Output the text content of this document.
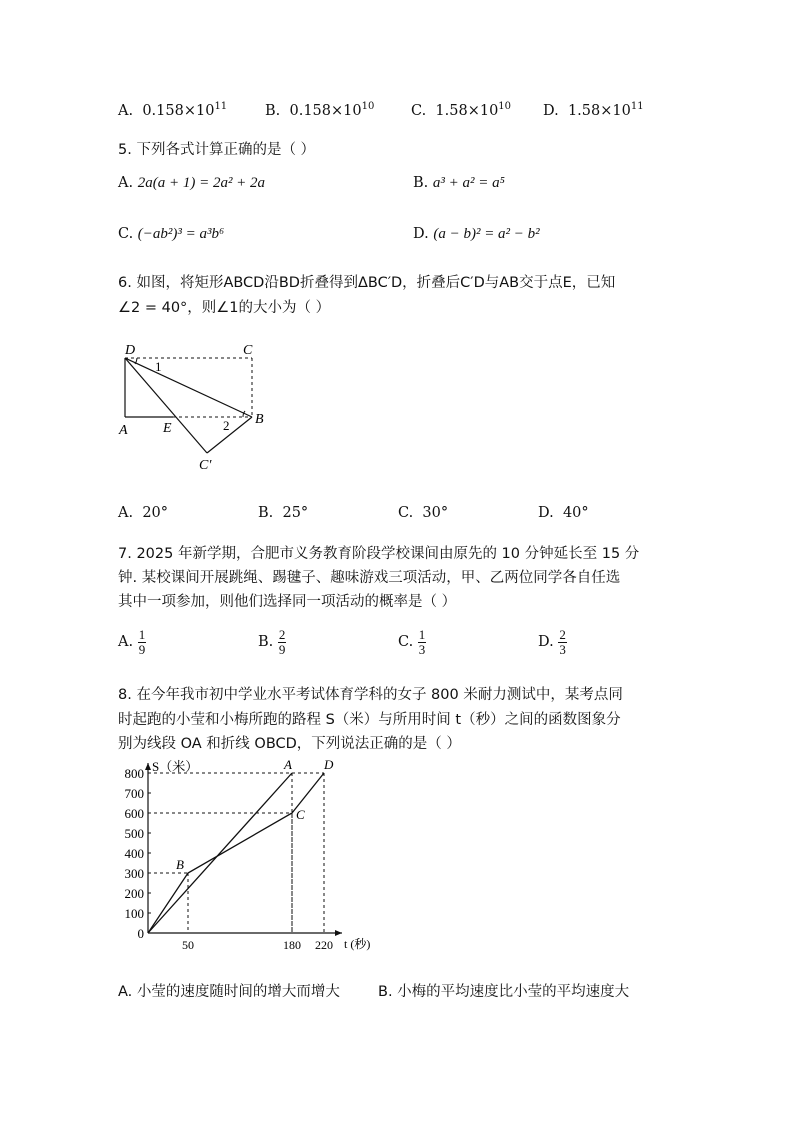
A. $0.158\times 10^{11}$	B. $0.158\times 10^{10}$	C. $1.58\times 10^{10}$ D. $1.58\times 10^{11}$
5. 下列各式计算正确的是（ ）
A. 2a(a + 1) = 2a² + 2a	B. a³ + a² = a⁵
C. (−ab²)³ = a³b⁶	D. (a − b)² = a² − b²
6. 如图，将矩形ABCD沿BD折叠得到ΔBC′D，折叠后C′D与AB交于点E，已知
∠2 = 40°，则∠1的大小为（ ）
D	C
A	E
B
C′
1
2
A. 20°	B. 25°	C. 30°	D. 40°
7. 2025 年新学期，合肥市义务教育阶段学校课间由原先的 10 分钟延长至 15 分
钟. 某校课间开展跳绳、踢毽子、趣味游戏三项活动，甲、乙两位同学各自任选
其中一项参加，则他们选择同一项活动的概率是（ ）
A. $\frac{1}{9}$	B. $\frac{2}{9}$	C. $\frac{1}{3}$	D. $\frac{2}{3}$
8. 在今年我市初中学业水平考试体育学科的女子 800 米耐力测试中，某考点同
时起跑的小莹和小梅所跑的路程 S（米）与所用时间 t（秒）之间的函数图象分
别为线段 OA 和折线 OBCD，下列说法正确的是（ ）
S（米）
t (秒)
0
100
200
300
400
500
600
700
800
50	180 220
A
B
C
D
A. 小莹的速度随时间的增大而增大	B. 小梅的平均速度比小莹的平均速度大
